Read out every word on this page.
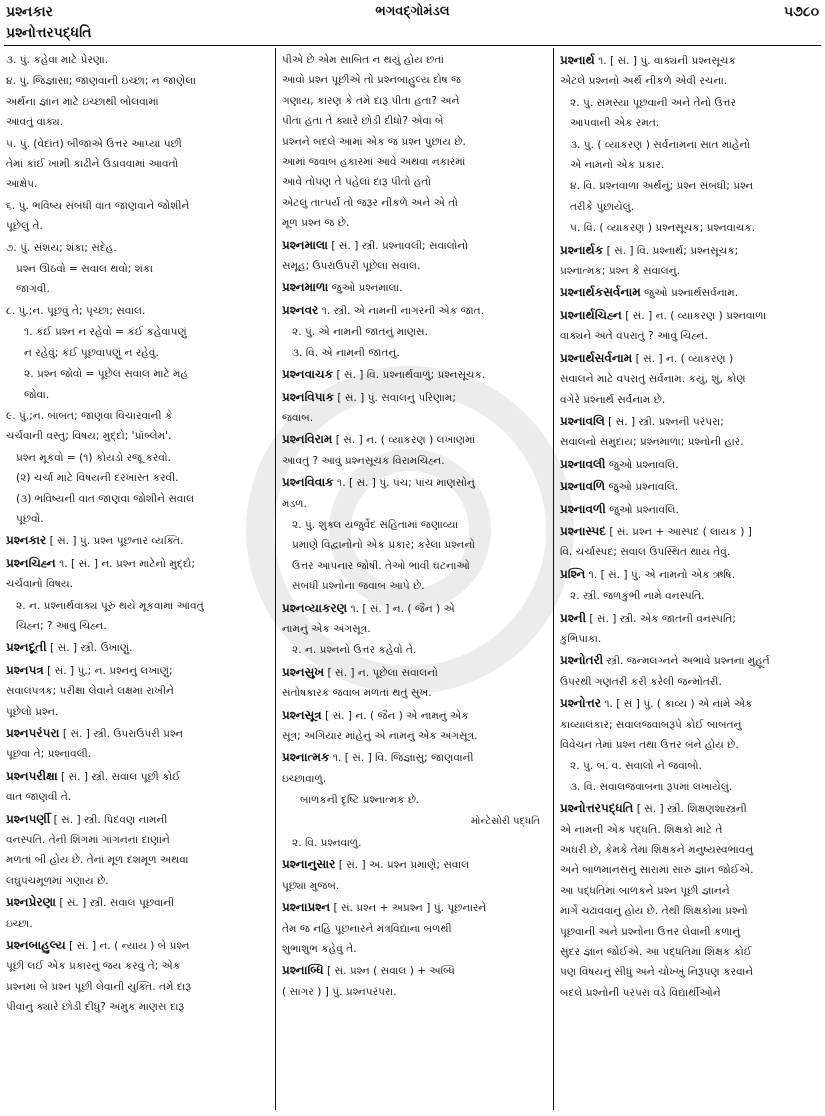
પ્રશ્નકાર	ભગવદ્ગોમંડલ	૫૭૮૦
પ્રશ્નોત્તરપદ્ધતિ
૩. પું. કહેવા માટે પ્રેરણા.
૪. પું. જિજ્ઞાસા; જાણવાની ઇચ્છા; ન જાણેલા
અર્થના જ્ઞાન માટે ઇચ્છાથી બોલવામાં
આવતું વાક્ય.
૫. પું. (વેદાંત) બીજાએ ઉત્તર આપ્યા પછી
તેમાં કાંઈ ખામી કાઢીને ઉડાવવામાં આવતો
આક્ષેપ.
૬. પું. ભવિષ્ય સંબંધી વાત જાણવાને જોશીને
પૂછેલું તે.
૭. પું. સંશય; શંકા; સંદેહ.
પ્રશ્ન ઊઠવો = સવાલ થવો; શંકા
જાગવી.
૮. પું.;ન. પૂછવું તે; પૃચ્છા; સવાલ.
૧. કંઈ પ્રશ્ન ન રહેવો = કંઈ કહેવાપણું
ન રહેવું; કંઈ પૂછવાપણું ન રહેવું.
૨. પ્રશ્ન જોવો = પૂછેલ સવાલ માટે મહ
જોવા.
૯. પું.;ન. બાબત; જાણવા વિચારવાની કે
ચર્ચવાની વસ્તુ; વિષય; મુદ્દો; 'પ્રૉબ્લેમ'.
પ્રશ્ન મૂકવો = (૧) કોયડો રજૂ કરવો.
(૨) ચર્ચા માટે વિષયની દરખાસ્ત કરવી.
(૩) ભવિષ્યની વાત જાણવા જોશીને સવાલ
પૂછવો.
પ્રશ્નકાર [ સં. ] પું. પ્રશ્ન પૂછનાર વ્યક્તિ.
પ્રશ્નચિહ્ન ૧. [ સં. ] ન. પ્રશ્ન માટેનો મુદ્દો;
ચર્ચવાનો વિષય.
૨. ન. પ્રશ્નાર્થવાક્ય પૂરું થયે મૂકવામાં આવતું
ચિહ્ન; ? આવું ચિહ્ન.
પ્રશ્નદૂતી [ સં. ] સ્ત્રી. ઉખાણું.
પ્રશ્નપત્ર [ સં. ] પું.; ન. પ્રશ્નનું લખાણું;
સવાલપત્રક; પરીક્ષા લેવાને લક્ષમાં રાખીને
પૂછેલો પ્રશ્ન.
પ્રશ્નપરંપરા [ સં. ] સ્ત્રી. ઉપરાઉપરી પ્રશ્ન
પૂછવા તે; પ્રશ્નાવલી.
પ્રશ્નપરીક્ષા [ સં. ] સ્ત્રી. સવાલ પૂછી કોઈ
વાત જાણવી તે.
પ્રશ્નપર્ણી [ સં. ] સ્ત્રી. પિદવણ નામની
વનસ્પતિ. તેની શિંગમાં ગાંગનના દાણાને
મળતાં બી હોય છે. તેનાં મૂળ દશમૂળ અથવા
લઘુપંચમૂળમાં ગણાય છે.
પ્રશ્નપ્રેરણા [ સં. ] સ્ત્રી. સવાલ પૂછવાની
ઇચ્છા.
પ્રશ્નબાહુલ્ય [ સં. ] ન. ( ન્યાય ) બે પ્રશ્ન
પૂછી લઈ એક પ્રકારનું જય કરવું તે; એક
પ્રશ્નમાં બે પ્રશ્ન પૂછી લેવાની યુક્તિ. તમે દારૂ
પીવાનું ક્યારે છોડી દીધું? અમુક માણસ દારૂ
પીએ છે એમ સાબિત ન થયું હોય છતાં
આવો પ્રશ્ન પૂછીએ તો પ્રશ્નબાહુલ્ય દોષ જ
ગણાય, કારણ કે તમે દારૂ પીતા હતા? અને
પીતા હતા તે ક્યારે છોડી દીધો? એવા બે
પ્રશ્નને બદલે આમાં એક જ પ્રશ્ન પુછાય છે.
આમાં જવાબ હકારમાં આવે અથવા નકારમાં
આવે તોપણ તે પહેલાં દારૂ પીતો હતો
એટલું તાત્પર્ય તો જરૂર નીકળે અને એ તો
મૂળ પ્રશ્ન જ છે.
પ્રશ્નમાલા [ સં. ] સ્ત્રી. પ્રશ્નાવલી; સવાલોનો
સમૂહ; ઉપરાઉપરી પૂછેલા સવાલ.
પ્રશ્નમાળા જુઓ પ્રશ્નમાલા.
પ્રશ્નવર ૧. સ્ત્રી. એ નામની નાગરની એક જાત.
૨. પું. એ નામની જાતનું માણસ.
૩. વિ. એ નામની જાતનું.
પ્રશ્નવાચક [ સં. ] વિ. પ્રશ્નાર્થવાળું; પ્રશ્નસૂચક.
પ્રશ્નવિપાક [ સં. ] પું. સવાલનું પરિણામ;
જવાબ.
પ્રશ્નવિરામ [ સં. ] ન. ( વ્યાકરણ ) લખાણમાં
આવતું ? આવું પ્રશ્નસૂચક વિરામચિહ્ન.
પ્રશ્નવિવાક ૧. [ સં. ] પું. પંચ; પાંચ માણસોનું
મંડળ.
૨. પું. શુક્લ યજુર્વેદ સંહિતામાં જણાવ્યા
પ્રમાણે વિદ્વાનોનો એક પ્રકાર; કરેલા પ્રશ્નનો
ઉત્તર આપનાર જોષી. તેઓ ભાવી ઘટનાઓ
સંબંધી પ્રશ્નોના જવાબ આપે છે.
પ્રશ્નવ્યાકરણ ૧. [ સં. ] ન. ( જૈન ) એ
નામનું એક અંગસૂત્ર.
૨. ન. પ્રશ્નનો ઉત્તર કહેવો તે.
પ્રશ્નસુખ [ સં. ] ન. પૂછેલા સવાલનો
સંતોષકારક જવાબ મળતાં થતું સુખ.
પ્રશ્નસૂત્ર [ સં. ] ન. ( જૈન ) એ નામનું એક
સૂત્ર; અગિયાર માંહેનું એ નામનું એક અંગસૂત્ર.
પ્રશ્નાત્મક ૧. [ સં. ] વિ. જિજ્ઞાસુ; જાણવાની
ઇચ્છાવાળું.
બાળકની દૃષ્ટિ પ્રશ્નાત્મક છે.
મોન્ટેસોરી પદ્ધતિ
૨. વિ. પ્રશ્નવાળું.
પ્રશ્નાનુસાર [ સં. ] અ. પ્રશ્ન પ્રમાણે; સવાલ
પૂછ્યા મુજબ.
પ્રશ્નાપ્રશ્ન [ સં. પ્રશ્ન + અપ્રશ્ન ] પું. પૂછનારને
તેમ જ નહિ પૂછનારને મંત્રવિદ્યાના બળથી
શુભાશુભ કહેવું તે.
પ્રશ્નાબ્ધિ [ સં. પ્રશ્ન ( સવાલ ) + અબ્ધિ
( સાગર ) ] પું. પ્રશ્નપરંપરા.
પ્રશ્નાર્થ ૧. [ સં. ] પું. વાક્યની પ્રશ્નસૂચક
એટલે પ્રશ્નનો અર્થ નીકળે એવી રચના.
૨. પું. સમસ્યા પૂછવાની અને તેનો ઉત્તર
આપવાની એક રમત.
૩. પું. ( વ્યાકરણ ) સર્વનામના સાત માંહેનો
એ નામનો એક પ્રકાર.
૪. વિ. પ્રશ્નવાળા અર્થનું; પ્રશ્ન સંબંધી; પ્રશ્ન
તરીકે પુછાયેલું.
૫. વિ. ( વ્યાકરણ ) પ્રશ્નસૂચક; પ્રશ્નવાચક.
પ્રશ્નાર્થક [ સં. ] વિ. પ્રશ્નાર્થ; પ્રશ્નસૂચક;
પ્રશ્નાત્મક; પ્રશ્ન કે સવાલનું.
પ્રશ્નાર્થકસર્વનામ જુઓ પ્રશ્નાર્થસર્વનામ.
પ્રશ્નાર્થચિહ્ન [ સં. ] ન. ( વ્યાકરણ ) પ્રશ્નવાળા
વાક્યને અંતે વપરાતું ? આવું ચિહ્ન.
પ્રશ્નાર્થસર્વનામ [ સં. ] ન. ( વ્યાકરણ )
સવાલને માટે વપરાતું સર્વનામ. કયું, શું, કોણ
વગેરે પ્રશ્નાર્થ સર્વનામ છે.
પ્રશ્નાવલિ [ સં. ] સ્ત્રી. પ્રશ્નની પરંપરા;
સવાલનો સમુદાય; પ્રશ્નમાળા; પ્રશ્નોની હાર.
પ્રશ્નાવલી જુઓ પ્રશ્નાવલિ.
પ્રશ્નાવળિ જુઓ પ્રશ્નાવલિ.
પ્રશ્નાવળી જુઓ પ્રશ્નાવલિ.
પ્રશ્નાસ્પદ [ સં. પ્રશ્ન + આસ્પદ ( લાયક ) ]
વિ. ચર્ચાસ્પદ; સવાલ ઉપસ્થિત થાય તેવું.
પ્રશ્નિ ૧. [ સં. ] પું. એ નામનો એક ઋષિ.
૨. સ્ત્રી. જળકુંભી નામે વનસ્પતિ.
પ્રશ્ની [ સં. ] સ્ત્રી. એક જાતની વનસ્પતિ;
કુંભિપાકા.
પ્રશ્નોતરી સ્ત્રી. જન્મલગ્નને અભાવે પ્રશ્નના મુહૂર્ત
ઉપરથી ગણતરી કરી કરેલી જન્મોતરી.
પ્રશ્નોત્તર ૧. [ સં ] પું. ( કાવ્ય ) એ નામે એક
કાવ્યાલંકાર; સવાલજવાબરૂપે કોઈ બાબતનું
વિવેચન તેમાં પ્રશ્ન તથા ઉત્તર બંને હોય છે.
૨. પું. બ. વ. સવાલો ને જવાબો.
૩. વિ. સવાલજવાબના રૂપમાં લખાયેલું.
પ્રશ્નોત્તરપદ્ધતિ [ સં. ] સ્ત્રી. શિક્ષણશાસ્ત્રની
એ નામની એક પદ્ધતિ. શિક્ષકો માટે તે
અઘરી છે, કેમકે તેમાં શિક્ષકને મનુષ્યસ્વભાવનું
અને બાળમાનસનું સારામાં સારું જ્ઞાન જોઈએ.
આ પદ્ધતિમાં બાળકને પ્રશ્ન પૂછી જ્ઞાનને
માર્ગે ચઢાવવાનું હોય છે. તેથી શિક્ષકોમાં પ્રશ્નો
પૂછવાની અને પ્રશ્નોના ઉત્તર લેવાની કળાનું
સુંદર જ્ઞાન જોઈએ. આ પદ્ધતિમાં શિક્ષક કોઈ
પણ વિષયનું સીધું અને ચોખ્ખું નિરૂપણ કરવાને
બદલે પ્રશ્નોની પરંપરા વડે વિદ્યાર્થીઓને
